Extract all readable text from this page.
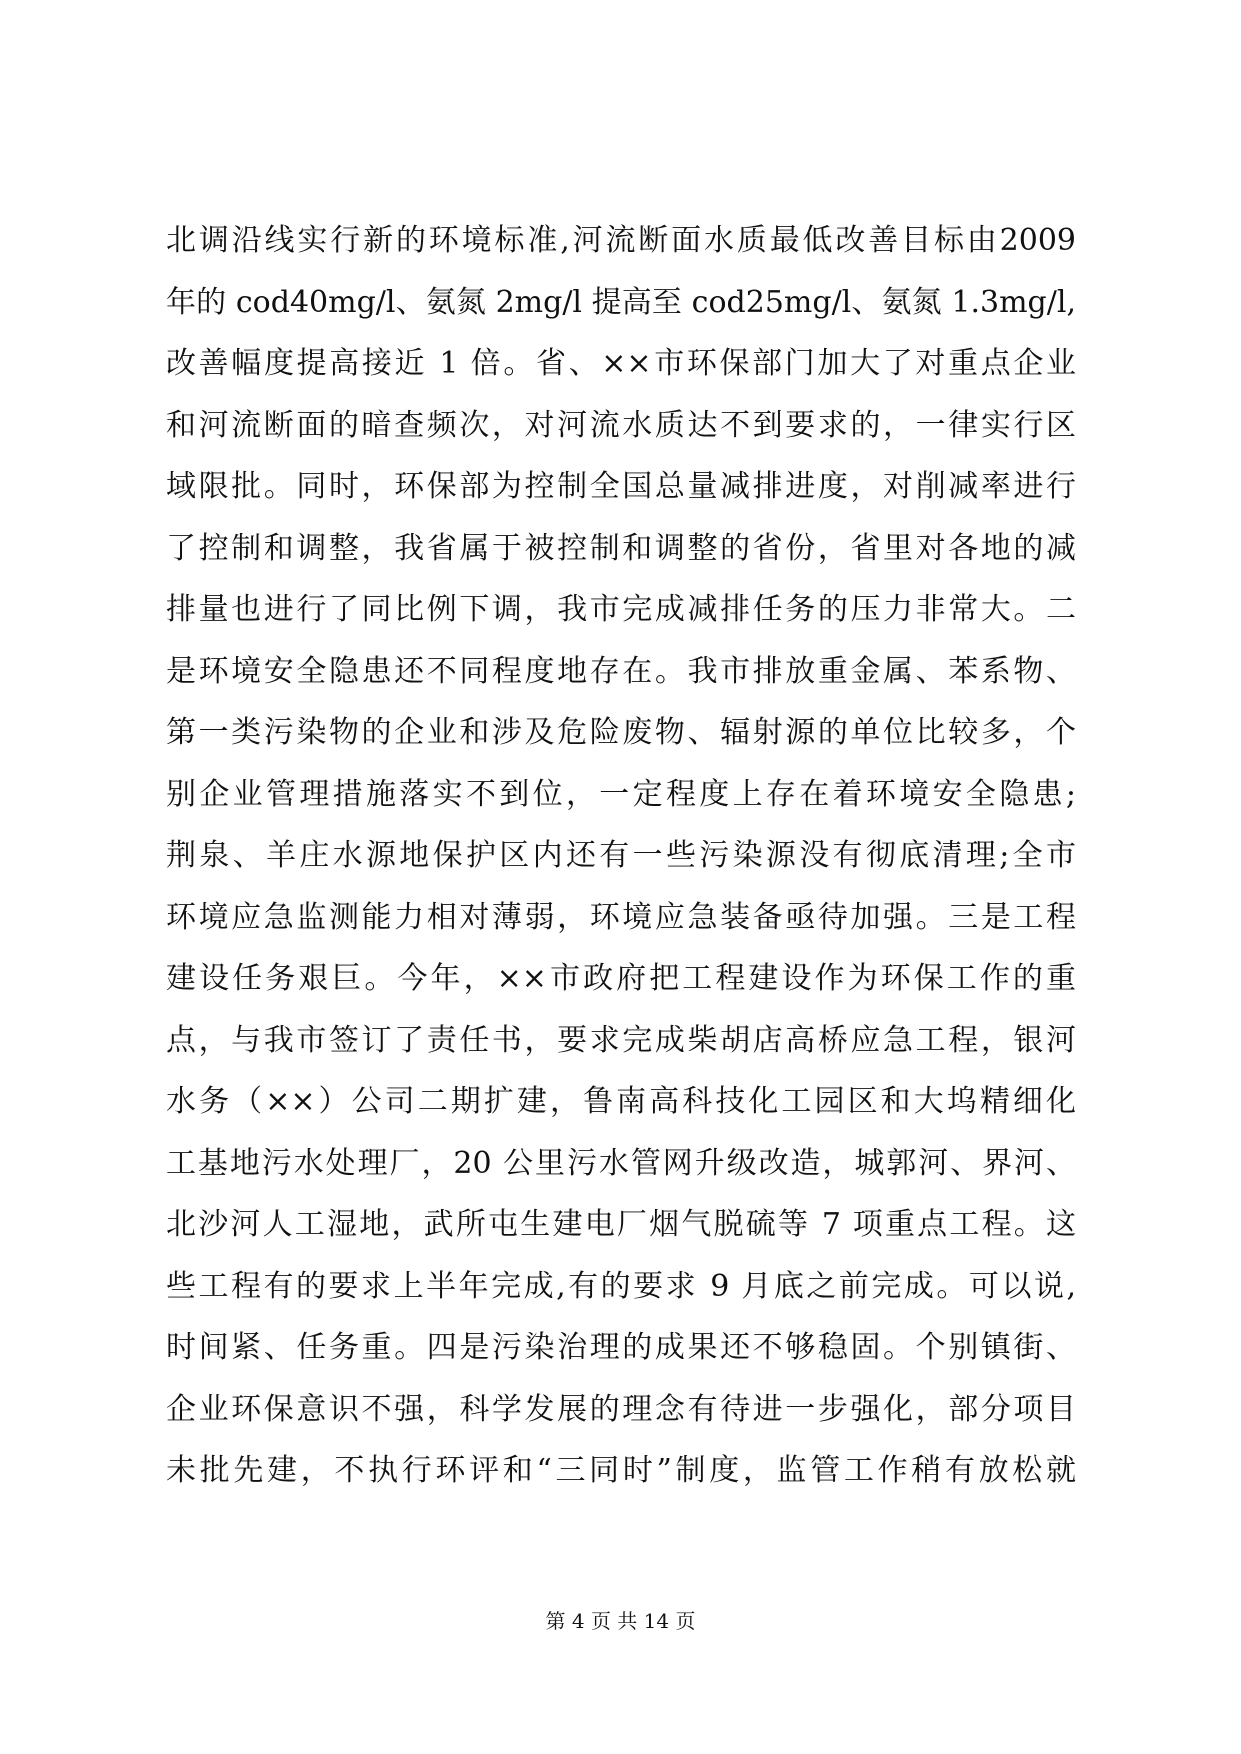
北调沿线实行新的环境标准,河流断面水质最低改善目标由2009
年的 cod40mg/l、氨氮 2mg/l 提高至 cod25mg/l、氨氮 1.3mg/l,
改善幅度提高接近 1 倍。省、××市环保部门加大了对重点企业
和河流断面的暗查频次，对河流水质达不到要求的，一律实行区
域限批。同时，环保部为控制全国总量减排进度，对削减率进行
了控制和调整，我省属于被控制和调整的省份，省里对各地的减
排量也进行了同比例下调，我市完成减排任务的压力非常大。二
是环境安全隐患还不同程度地存在。我市排放重金属、苯系物、
第一类污染物的企业和涉及危险废物、辐射源的单位比较多，个
别企业管理措施落实不到位，一定程度上存在着环境安全隐患;
荆泉、羊庄水源地保护区内还有一些污染源没有彻底清理;全市
环境应急监测能力相对薄弱，环境应急装备亟待加强。三是工程
建设任务艰巨。今年，××市政府把工程建设作为环保工作的重
点，与我市签订了责任书，要求完成柴胡店高桥应急工程，银河
水务（××）公司二期扩建，鲁南高科技化工园区和大坞精细化
工基地污水处理厂，20 公里污水管网升级改造，城郭河、界河、
北沙河人工湿地，武所屯生建电厂烟气脱硫等 7 项重点工程。这
些工程有的要求上半年完成,有的要求 9 月底之前完成。可以说,
时间紧、任务重。四是污染治理的成果还不够稳固。个别镇街、
企业环保意识不强，科学发展的理念有待进一步强化，部分项目
未批先建，不执行环评和“三同时”制度，监管工作稍有放松就
第 4 页 共 14 页
